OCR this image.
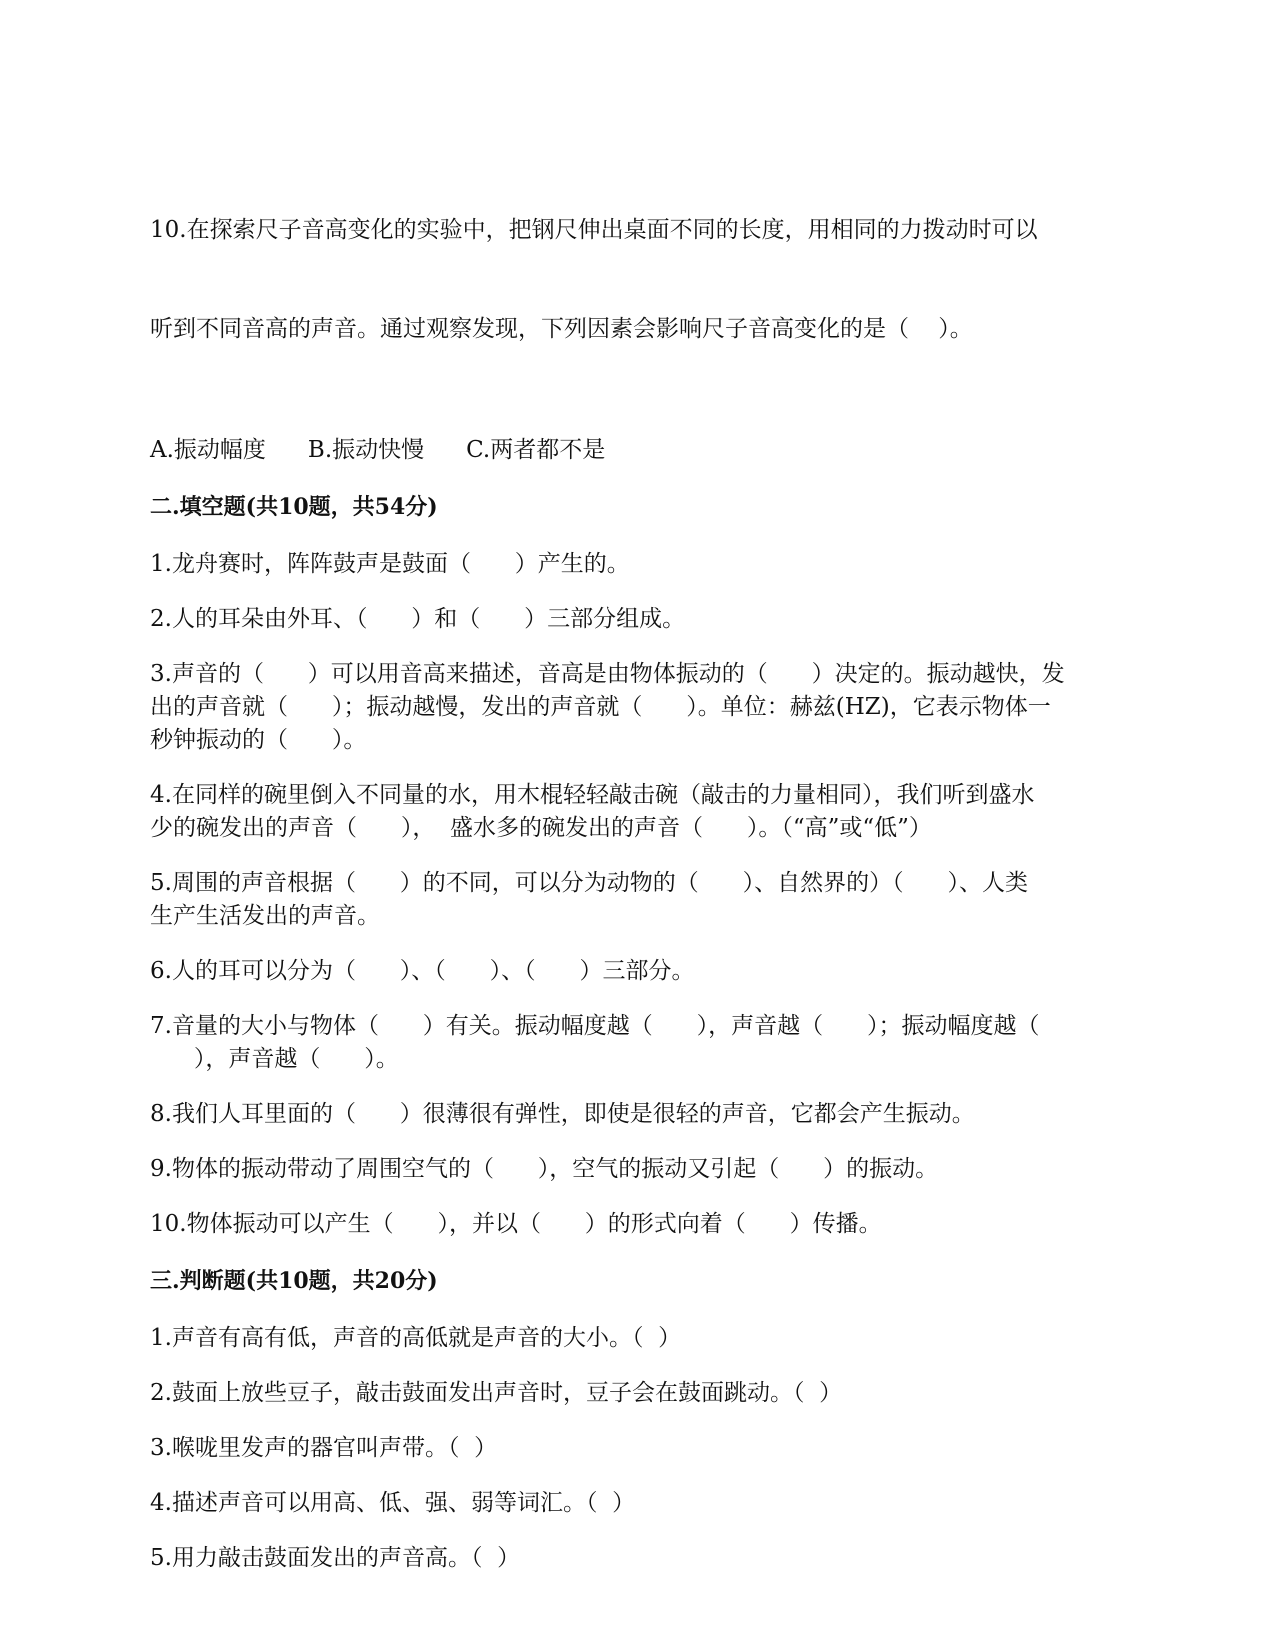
10.在探索尺子音高变化的实验中，把钢尺伸出桌面不同的长度，用相同的力拨动时可以

听到不同音高的声音。通过观察发现，下列因素会影响尺子音高变化的是（    ）。

A.振动幅度 B.振动快慢 C.两者都不是

二.填空题(共10题，共54分)

1.龙舟赛时，阵阵鼓声是鼓面（      ）产生的。

2.人的耳朵由外耳、（      ）和（      ）三部分组成。

3.声音的（      ）可以用音高来描述，音高是由物体振动的（      ）决定的。振动越快，发

出的声音就（      ）；振动越慢，发出的声音就（      ）。单位：赫兹(HZ)，它表示物体一

秒钟振动的（      ）。

4.在同样的碗里倒入不同量的水，用木棍轻轻敲击碗（敲击的力量相同），我们听到盛水

少的碗发出的声音（      ），  盛水多的碗发出的声音（      ）。（“高”或“低”）

5.周围的声音根据（      ）的不同，可以分为动物的（      ）、自然界的）（      ）、人类

生产生活发出的声音。

6.人的耳可以分为（      ）、（      ）、（      ）三部分。

7.音量的大小与物体（      ）有关。振动幅度越（      ），声音越（      ）；振动幅度越（

），声音越（      ）。

8.我们人耳里面的（      ）很薄很有弹性，即使是很轻的声音，它都会产生振动。

9.物体的振动带动了周围空气的（      ），空气的振动又引起（      ）的振动。

10.物体振动可以产生（      ），并以（      ）的形式向着（      ）传播。

三.判断题(共10题，共20分)

1.声音有高有低，声音的高低就是声音的大小。（  ）

2.鼓面上放些豆子，敲击鼓面发出声音时，豆子会在鼓面跳动。（  ）

3.喉咙里发声的器官叫声带。（  ）

4.描述声音可以用高、低、强、弱等词汇。（  ）

5.用力敲击鼓面发出的声音高。（  ）
